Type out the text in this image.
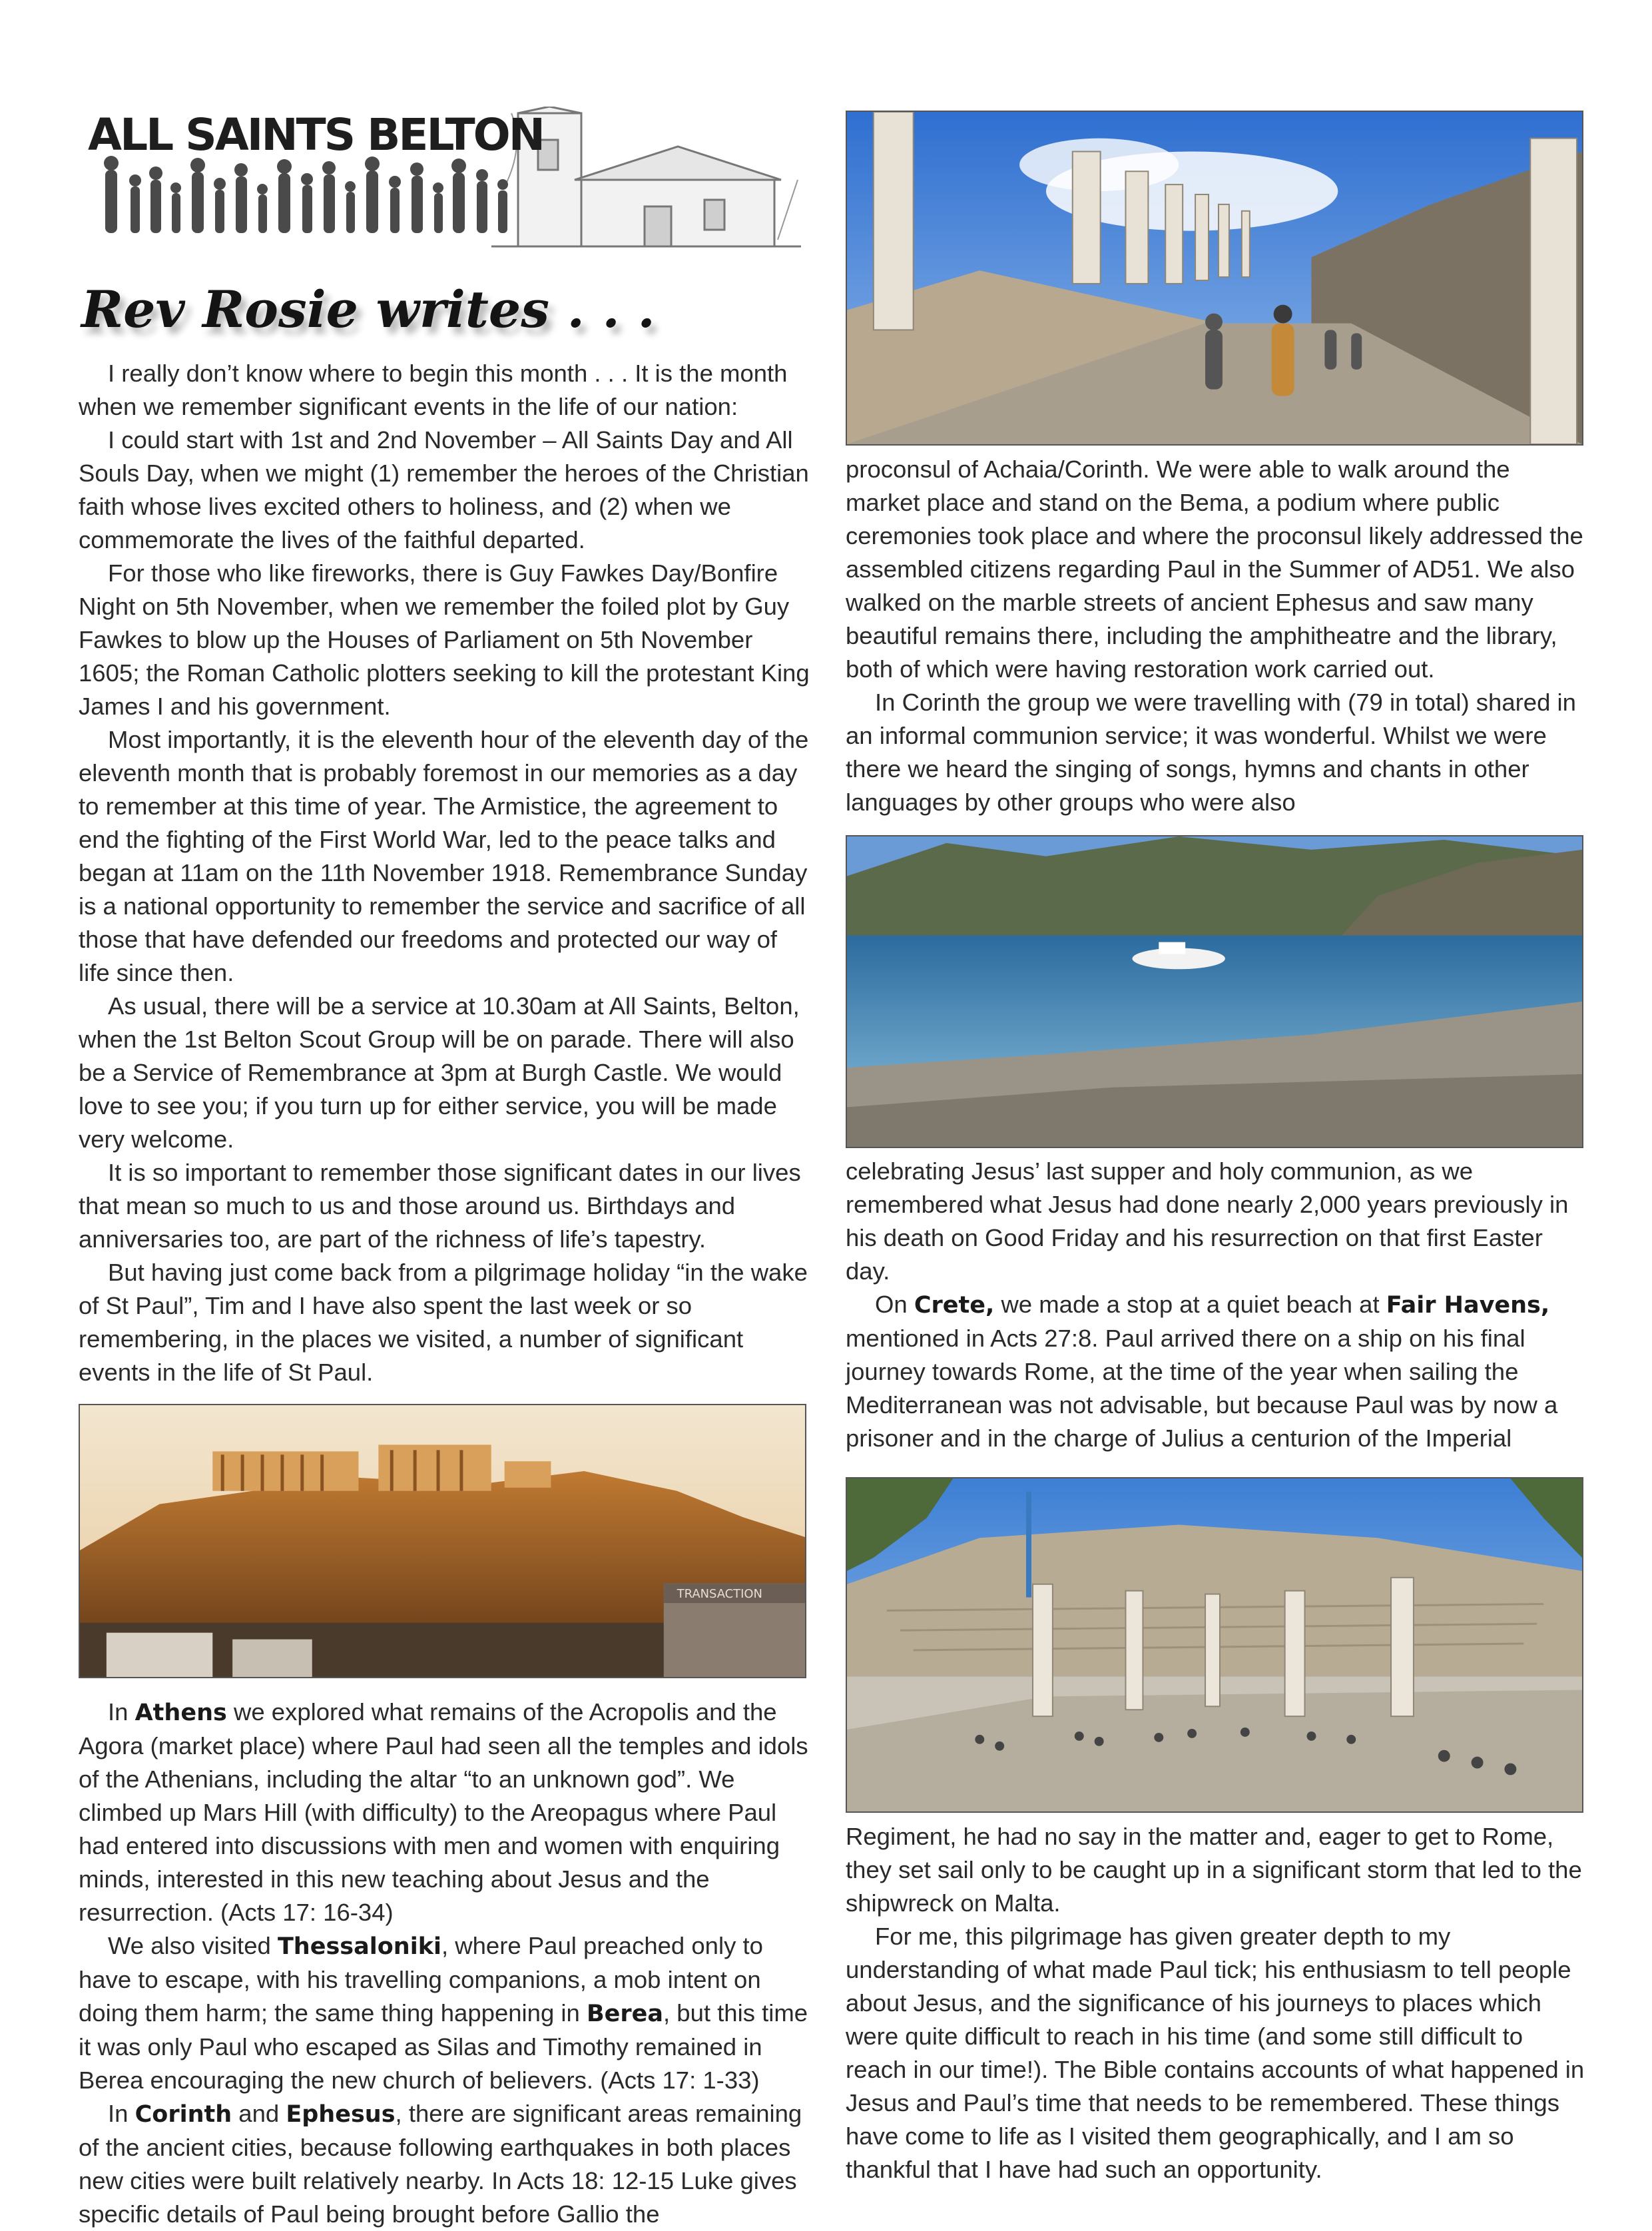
ALL SAINTS BELTON
Rev Rosie writes . . .

I really don’t know where to begin this month . . . It is the month when we remember significant events in the life of our nation:

I could start with 1st and 2nd November – All Saints Day and All Souls Day, when we might (1) remember the heroes of the Christian faith whose lives excited others to holiness, and (2) when we commemorate the lives of the faithful departed.

For those who like fireworks, there is Guy Fawkes Day/Bonfire Night on 5th November, when we remember the foiled plot by Guy Fawkes to blow up the Houses of Parliament on 5th November 1605; the Roman Catholic plotters seeking to kill the protestant King James I and his government.

Most importantly, it is the eleventh hour of the eleventh day of the eleventh month that is probably foremost in our memories as a day to remember at this time of year. The Armistice, the agreement to end the fighting of the First World War, led to the peace talks and began at 11am on the 11th November 1918. Remembrance Sunday is a national opportunity to remember the service and sacrifice of all those that have defended our freedoms and protected our way of life since then.

As usual, there will be a service at 10.30am at All Saints, Belton, when the 1st Belton Scout Group will be on parade. There will also be a Service of Remembrance at 3pm at Burgh Castle. We would love to see you; if you turn up for either service, you will be made very welcome.

It is so important to remember those significant dates in our lives that mean so much to us and those around us. Birthdays and anniversaries too, are part of the richness of life’s tapestry.

But having just come back from a pilgrimage holiday “in the wake of St Paul”, Tim and I have also spent the last week or so remembering, in the places we visited, a number of significant events in the life of St Paul.

TRANSACTION

In Athens we explored what remains of the Acropolis and the Agora (market place) where Paul had seen all the temples and idols of the Athenians, including the altar “to an unknown god”. We climbed up Mars Hill (with difficulty) to the Areopagus where Paul had entered into discussions with men and women with enquiring minds, interested in this new teaching about Jesus and the resurrection. (Acts 17: 16-34)

We also visited Thessaloniki, where Paul preached only to have to escape, with his travelling companions, a mob intent on doing them harm; the same thing happening in Berea, but this time it was only Paul who escaped as Silas and Timothy remained in Berea encouraging the new church of believers. (Acts 17: 1-33)

In Corinth and Ephesus, there are significant areas remaining of the ancient cities, because following earthquakes in both places new cities were built relatively nearby. In Acts 18: 12-15 Luke gives specific details of Paul being brought before Gallio the

proconsul of Achaia/Corinth. We were able to walk around the market place and stand on the Bema, a podium where public ceremonies took place and where the proconsul likely addressed the assembled citizens regarding Paul in the Summer of AD51. We also walked on the marble streets of ancient Ephesus and saw many beautiful remains there, including the amphitheatre and the library, both of which were having restoration work carried out.

In Corinth the group we were travelling with (79 in total) shared in an informal communion service; it was wonderful. Whilst we were there we heard the singing of songs, hymns and chants in other languages by other groups who were also

celebrating Jesus’ last supper and holy communion, as we remembered what Jesus had done nearly 2,000 years previously in his death on Good Friday and his resurrection on that first Easter day.

On Crete, we made a stop at a quiet beach at Fair Havens, mentioned in Acts 27:8. Paul arrived there on a ship on his final journey towards Rome, at the time of the year when sailing the Mediterranean was not advisable, but because Paul was by now a prisoner and in the charge of Julius a centurion of the Imperial

Regiment, he had no say in the matter and, eager to get to Rome, they set sail only to be caught up in a significant storm that led to the shipwreck on Malta.

For me, this pilgrimage has given greater depth to my understanding of what made Paul tick; his enthusiasm to tell people about Jesus, and the significance of his journeys to places which were quite difficult to reach in his time (and some still difficult to reach in our time!). The Bible contains accounts of what happened in Jesus and Paul’s time that needs to be remembered. These things have come to life as I visited them geographically, and I am so thankful that I have had such an opportunity.
